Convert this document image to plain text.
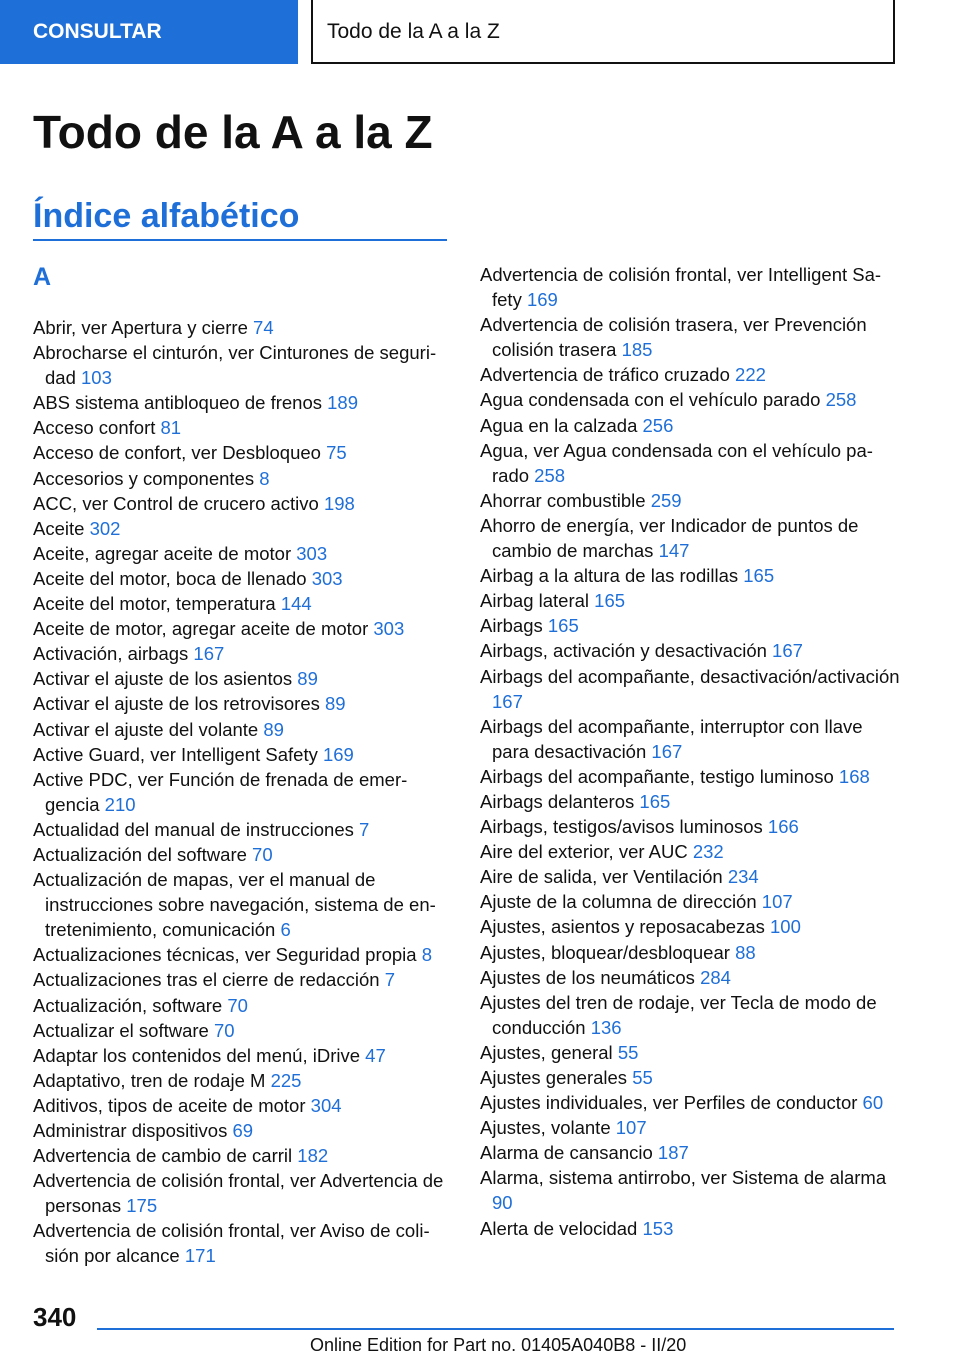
CONSULTAR	Todo de la A a la Z
Todo de la A a la Z
Índice alfabético
A
Abrir, ver Apertura y cierre 74
Abrocharse el cinturón, ver Cinturones de seguridad 103
ABS sistema antibloqueo de frenos 189
Acceso confort 81
Acceso de confort, ver Desbloqueo 75
Accesorios y componentes 8
ACC, ver Control de crucero activo 198
Aceite 302
Aceite, agregar aceite de motor 303
Aceite del motor, boca de llenado 303
Aceite del motor, temperatura 144
Aceite de motor, agregar aceite de motor 303
Activación, airbags 167
Activar el ajuste de los asientos 89
Activar el ajuste de los retrovisores 89
Activar el ajuste del volante 89
Active Guard, ver Intelligent Safety 169
Active PDC, ver Función de frenada de emergencia 210
Actualidad del manual de instrucciones 7
Actualización del software 70
Actualización de mapas, ver el manual de instrucciones sobre navegación, sistema de entretenimiento, comunicación 6
Actualizaciones técnicas, ver Seguridad propia 8
Actualizaciones tras el cierre de redacción 7
Actualización, software 70
Actualizar el software 70
Adaptar los contenidos del menú, iDrive 47
Adaptativo, tren de rodaje M 225
Aditivos, tipos de aceite de motor 304
Administrar dispositivos 69
Advertencia de cambio de carril 182
Advertencia de colisión frontal, ver Advertencia de personas 175
Advertencia de colisión frontal, ver Aviso de colisión por alcance 171
Advertencia de colisión frontal, ver Intelligent Safety 169
Advertencia de colisión trasera, ver Prevención colisión trasera 185
Advertencia de tráfico cruzado 222
Agua condensada con el vehículo parado 258
Agua en la calzada 256
Agua, ver Agua condensada con el vehículo parado 258
Ahorrar combustible 259
Ahorro de energía, ver Indicador de puntos de cambio de marchas 147
Airbag a la altura de las rodillas 165
Airbag lateral 165
Airbags 165
Airbags, activación y desactivación 167
Airbags del acompañante, desactivación/activación 167
Airbags del acompañante, interruptor con llave para desactivación 167
Airbags del acompañante, testigo luminoso 168
Airbags delanteros 165
Airbags, testigos/avisos luminosos 166
Aire del exterior, ver AUC 232
Aire de salida, ver Ventilación 234
Ajuste de la columna de dirección 107
Ajustes, asientos y reposacabezas 100
Ajustes, bloquear/desbloquear 88
Ajustes de los neumáticos 284
Ajustes del tren de rodaje, ver Tecla de modo de conducción 136
Ajustes, general 55
Ajustes generales 55
Ajustes individuales, ver Perfiles de conductor 60
Ajustes, volante 107
Alarma de cansancio 187
Alarma, sistema antirrobo, ver Sistema de alarma 90
Alerta de velocidad 153
340
Online Edition for Part no. 01405A040B8 - II/20
